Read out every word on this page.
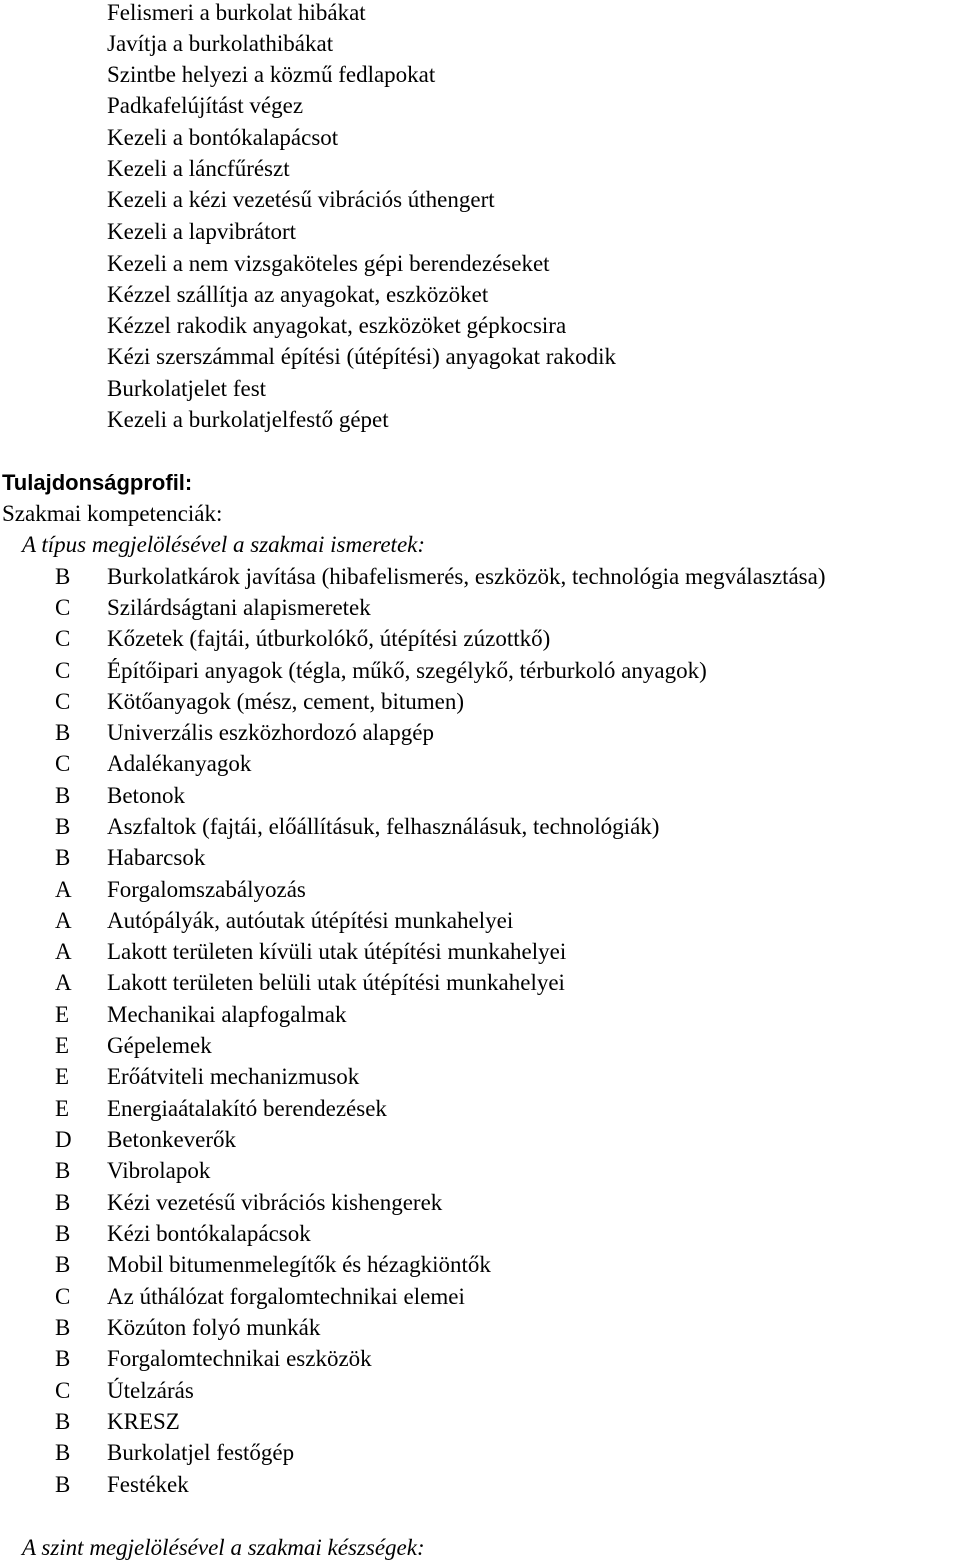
Felismeri a burkolat hibákat
Javítja a burkolathibákat
Szintbe helyezi a közmű fedlapokat
Padkafelújítást végez
Kezeli a bontókalapácsot
Kezeli a láncfűrészt
Kezeli a kézi vezetésű vibrációs úthengert
Kezeli a lapvibrátort
Kezeli a nem vizsgaköteles gépi berendezéseket
Kézzel szállítja az anyagokat, eszközöket
Kézzel rakodik anyagokat, eszközöket gépkocsira
Kézi szerszámmal építési (útépítési) anyagokat rakodik
Burkolatjelet fest
Kezeli a burkolatjelfestő gépet
Tulajdonságprofil:
Szakmai kompetenciák:
A típus megjelölésével a szakmai ismeretek:
B Burkolatkárok javítása (hibafelismerés, eszközök, technológia megválasztása)
C Szilárdságtani alapismeretek
C Kőzetek (fajtái, útburkolókő, útépítési zúzottkő)
C Építőipari anyagok (tégla, műkő, szegélykő, térburkoló anyagok)
C Kötőanyagok (mész, cement, bitumen)
B Univerzális eszközhordozó alapgép
C Adalékanyagok
B Betonok
B Aszfaltok (fajtái, előállításuk, felhasználásuk, technológiák)
B Habarcsok
A Forgalomszabályozás
A Autópályák, autóutak útépítési munkahelyei
A Lakott területen kívüli utak útépítési munkahelyei
A Lakott területen belüli utak útépítési munkahelyei
E Mechanikai alapfogalmak
E Gépelemek
E Erőátviteli mechanizmusok
E Energiaátalakító berendezések
D Betonkeverők
B Vibrolapok
B Kézi vezetésű vibrációs kishengerek
B Kézi bontókalapácsok
B Mobil bitumenmelegítők és hézagkiöntők
C Az úthálózat forgalomtechnikai elemei
B Közúton folyó munkák
B Forgalomtechnikai eszközök
C Útelzárás
B KRESZ
B Burkolatjel festőgép
B Festékek
A szint megjelölésével a szakmai készségek:
